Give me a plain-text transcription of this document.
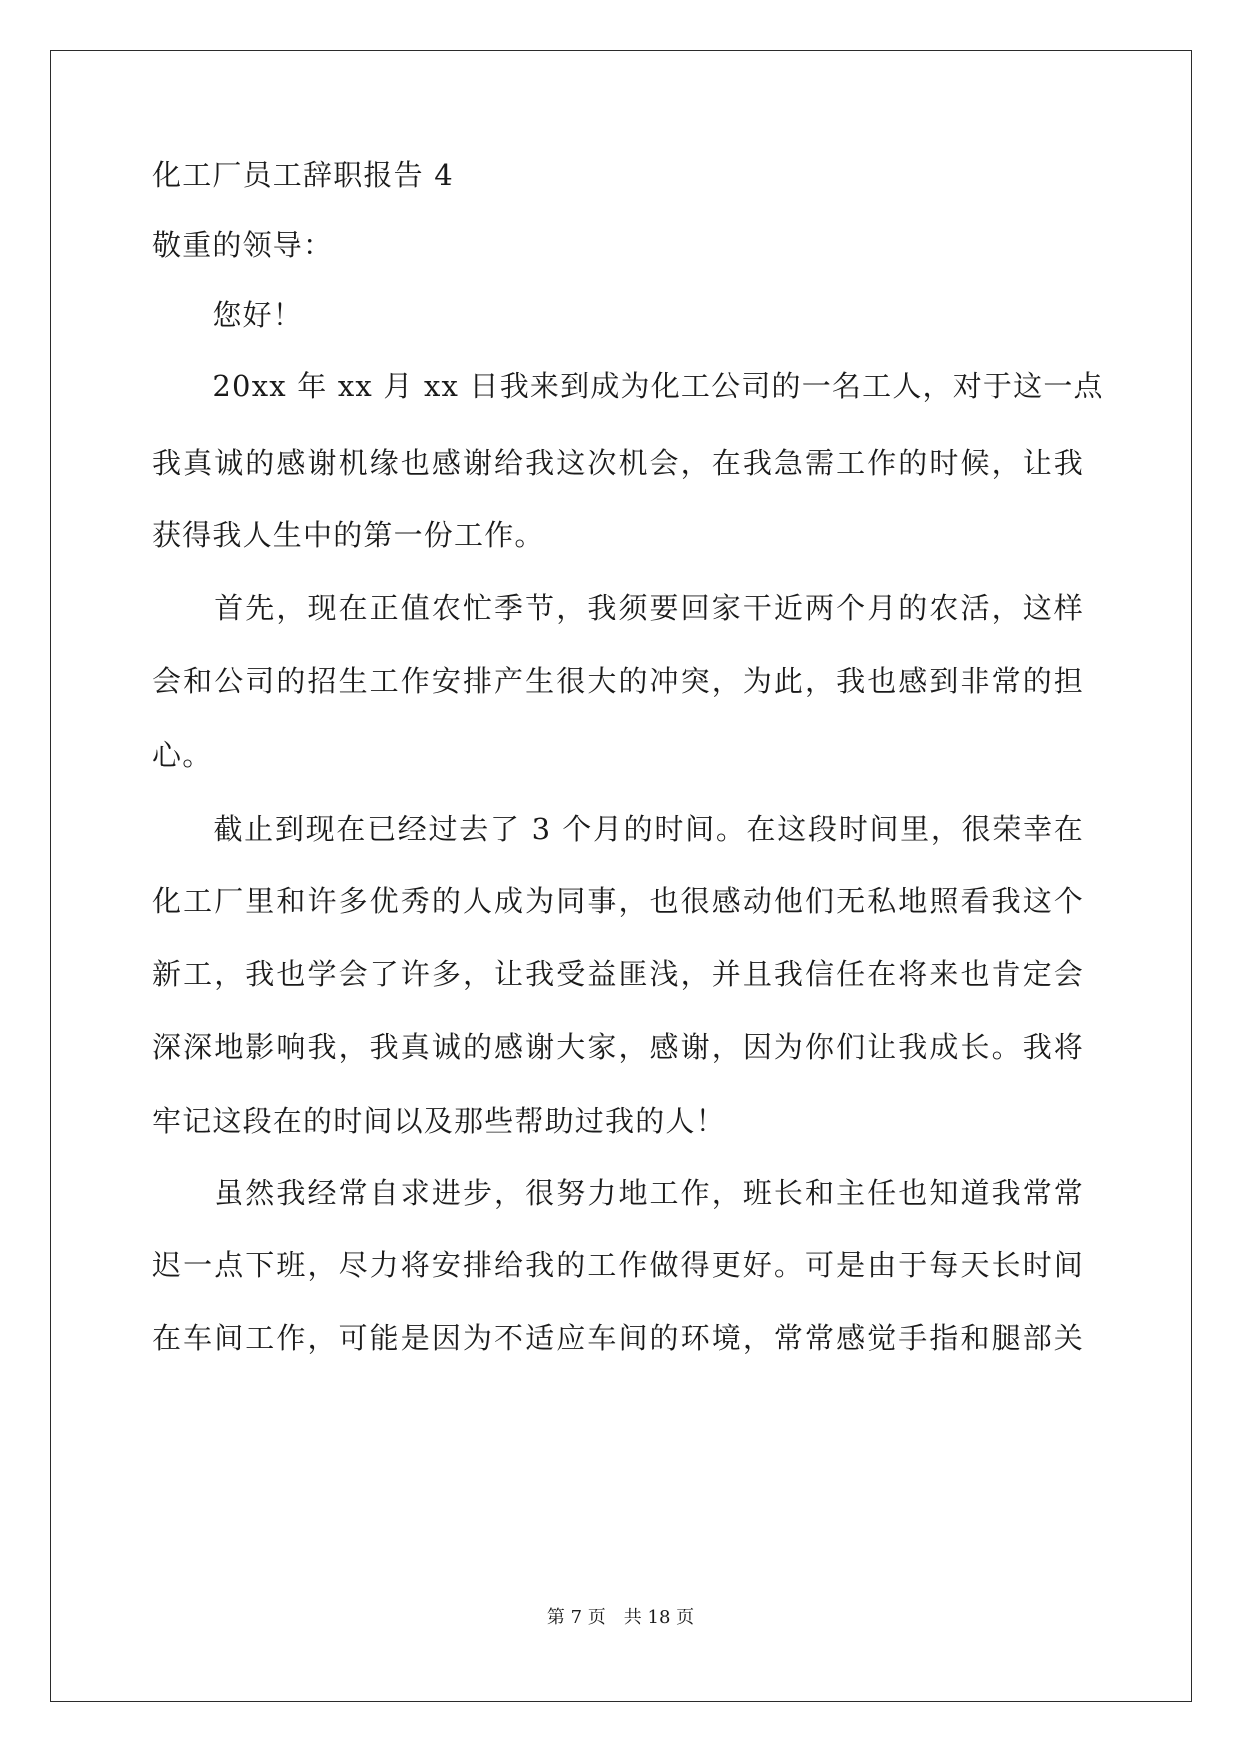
化工厂员工辞职报告 4

敬重的领导：

　　您好！

　　20xx 年 xx 月 xx 日我来到成为化工公司的一名工人，对于这一点

我真诚的感谢机缘也感谢给我这次机会，在我急需工作的时候，让我

获得我人生中的第一份工作。

　　首先，现在正值农忙季节，我须要回家干近两个月的农活，这样

会和公司的招生工作安排产生很大的冲突，为此，我也感到非常的担

心。

　　截止到现在已经过去了 3 个月的时间。在这段时间里，很荣幸在

化工厂里和许多优秀的人成为同事，也很感动他们无私地照看我这个

新工，我也学会了许多，让我受益匪浅，并且我信任在将来也肯定会

深深地影响我，我真诚的感谢大家，感谢，因为你们让我成长。我将

牢记这段在的时间以及那些帮助过我的人！

　　虽然我经常自求进步，很努力地工作，班长和主任也知道我常常

迟一点下班，尽力将安排给我的工作做得更好。可是由于每天长时间

在车间工作，可能是因为不适应车间的环境，常常感觉手指和腿部关

第 7 页　共 18 页
